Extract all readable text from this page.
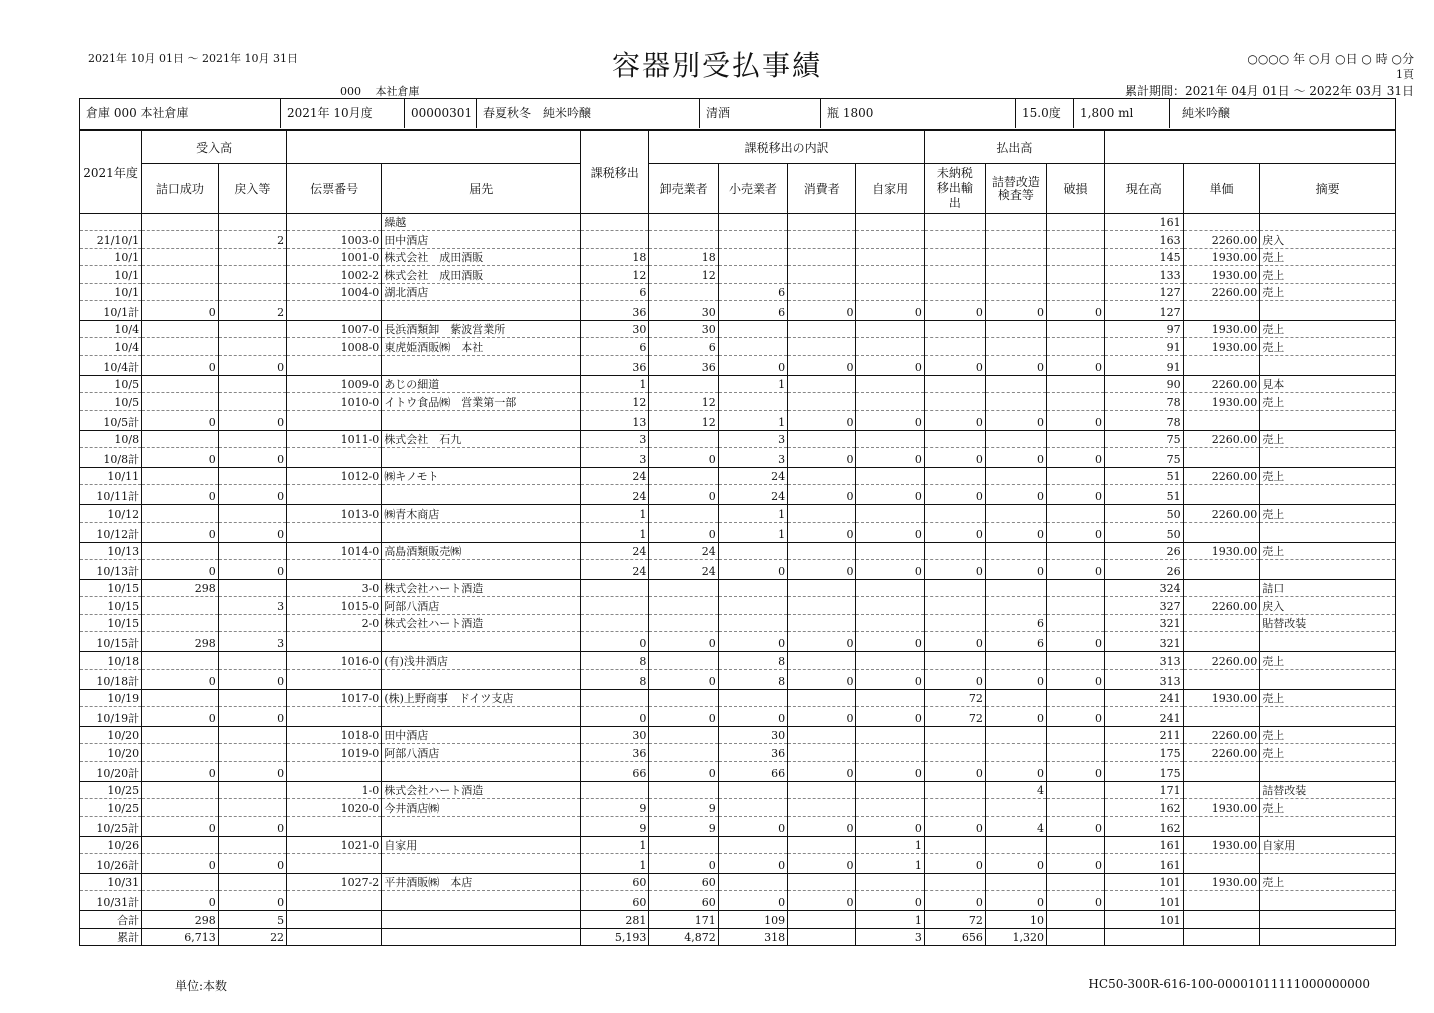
容器別受払事績
2021年 10月 01日 ～ 2021年 10月 31日
000　 本社倉庫
○○○○ 年 ○月 ○日 ○ 時 ○分
1頁
累計期間：2021年 04月 01日 ～ 2022年 03月 31日
倉庫 000 本社倉庫	2021年 10月度	00000301 春夏秋冬　純米吟醸	清酒	瓶 1800	15.0度	1,800 ml	純米吟醸
2021年度	受入高				課税移出	課税移出の内訳				払出高					
	詰口成功	戻入等	伝票番号	届先		卸売業者	小売業者	消費者	自家用	未納税移出輸出	詰替改造検査等	破損	現在高	単価	摘要
				繰越									161		
21/10/1		2	1003-0	田中酒店									163	2260.00	戻入
10/1			1001-0	株式会社　成田酒販	18	18							145	1930.00	売上
10/1			1002-2	株式会社　成田酒販	12	12							133	1930.00	売上
10/1			1004-0	湖北酒店	6		6						127	2260.00	売上
10/1計	0	2			36	30	6	0	0	0	0	0	127		
10/4			1007-0	長浜酒類卸　紫波営業所	30	30							97	1930.00	売上
10/4			1008-0	東虎姫酒販㈱　本社	6	6							91	1930.00	売上
10/4計	0	0			36	36	0	0	0	0	0	0	91		
10/5			1009-0	あじの細道	1		1						90	2260.00	見本
10/5			1010-0	イトウ食品㈱　営業第一部	12	12							78	1930.00	売上
10/5計	0	0			13	12	1	0	0	0	0	0	78		
10/8			1011-0	株式会社　石九	3		3						75	2260.00	売上
10/8計	0	0			3	0	3	0	0	0	0	0	75		
10/11			1012-0	㈱キノモト	24		24						51	2260.00	売上
10/11計	0	0			24	0	24	0	0	0	0	0	51		
10/12			1013-0	㈱青木商店	1		1						50	2260.00	売上
10/12計	0	0			1	0	1	0	0	0	0	0	50		
10/13			1014-0	高島酒類販売㈱	24	24							26	1930.00	売上
10/13計	0	0			24	24	0	0	0	0	0	0	26		
10/15	298		3-0	株式会社ハート酒造									324		詰口
10/15		3	1015-0	阿部八酒店									327	2260.00	戻入
10/15			2-0	株式会社ハート酒造							6		321		貼替改装
10/15計	298	3			0	0	0	0	0	0	6	0	321		
10/18			1016-0	(有)浅井酒店	8		8						313	2260.00	売上
10/18計	0	0			8	0	8	0	0	0	0	0	313		
10/19			1017-0	(株)上野商事　ドイツ支店						72			241	1930.00	売上
10/19計	0	0			0	0	0	0	0	72	0	0	241		
10/20			1018-0	田中酒店	30		30						211	2260.00	売上
10/20			1019-0	阿部八酒店	36		36						175	2260.00	売上
10/20計	0	0			66	0	66	0	0	0	0	0	175		
10/25			1-0	株式会社ハート酒造							4		171		詰替改装
10/25			1020-0	今井酒店㈱	9	9							162	1930.00	売上
10/25計	0	0			9	9	0	0	0	0	4	0	162		
10/26			1021-0	自家用	1				1				161	1930.00	自家用
10/26計	0	0			1	0	0	0	1	0	0	0	161		
10/31			1027-2	平井酒販㈱　本店	60	60							101	1930.00	売上
10/31計	0	0			60	60	0	0	0	0	0	0	101		
合計	298	5			281	171	109		1	72	10		101		
累計	6,713	22			5,193	4,872	318		3	656	1,320				
単位:本数	HC50-300R-616-100-00001011111000000000
